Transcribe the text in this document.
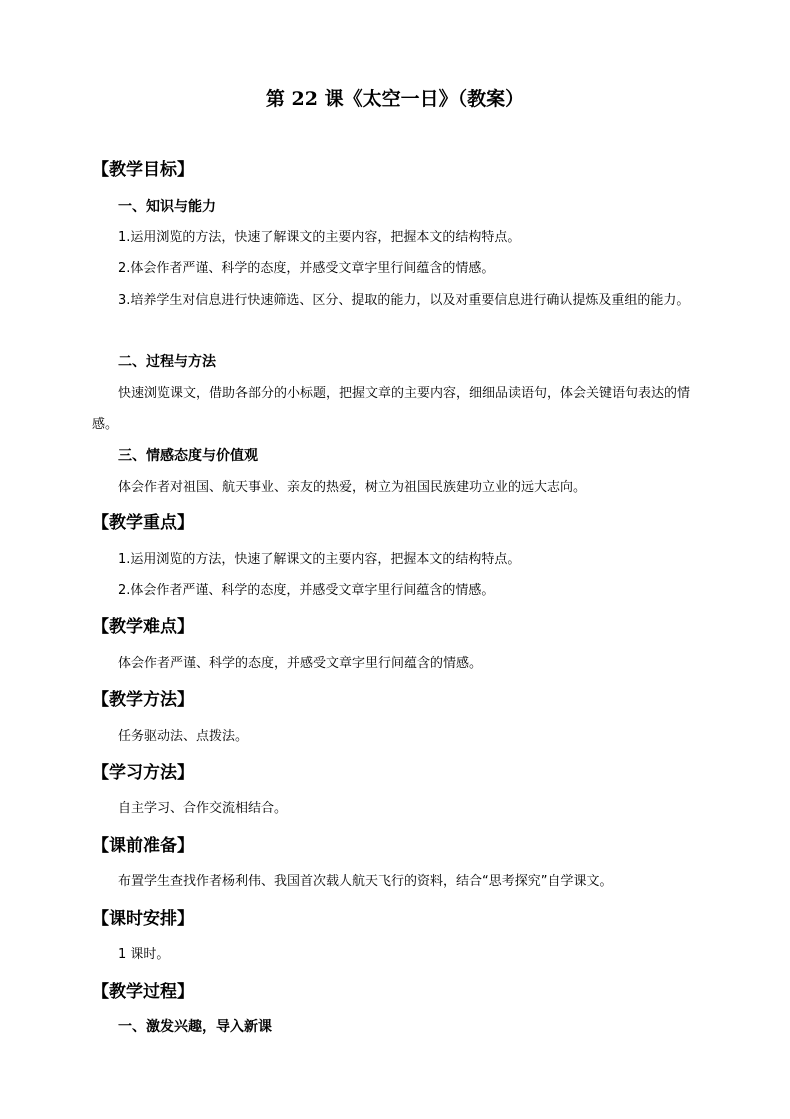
第 22 课《太空一日》（教案）
【教学目标】
一、知识与能力
1.运用浏览的方法，快速了解课文的主要内容，把握本文的结构特点。
2.体会作者严谨、科学的态度，并感受文章字里行间蕴含的情感。
3.培养学生对信息进行快速筛选、区分、提取的能力，以及对重要信息进行确认提炼及重组的能力。
二、过程与方法
快速浏览课文，借助各部分的小标题，把握文章的主要内容，细细品读语句，体会关键语句表达的情感。
三、情感态度与价值观
体会作者对祖国、航天事业、亲友的热爱，树立为祖国民族建功立业的远大志向。
【教学重点】
1.运用浏览的方法，快速了解课文的主要内容，把握本文的结构特点。
2.体会作者严谨、科学的态度，并感受文章字里行间蕴含的情感。
【教学难点】
体会作者严谨、科学的态度，并感受文章字里行间蕴含的情感。
【教学方法】
任务驱动法、点拨法。
【学习方法】
自主学习、合作交流相结合。
【课前准备】
布置学生查找作者杨利伟、我国首次载人航天飞行的资料，结合“思考探究”自学课文。
【课时安排】
1 课时。
【教学过程】
一、激发兴趣，导入新课
